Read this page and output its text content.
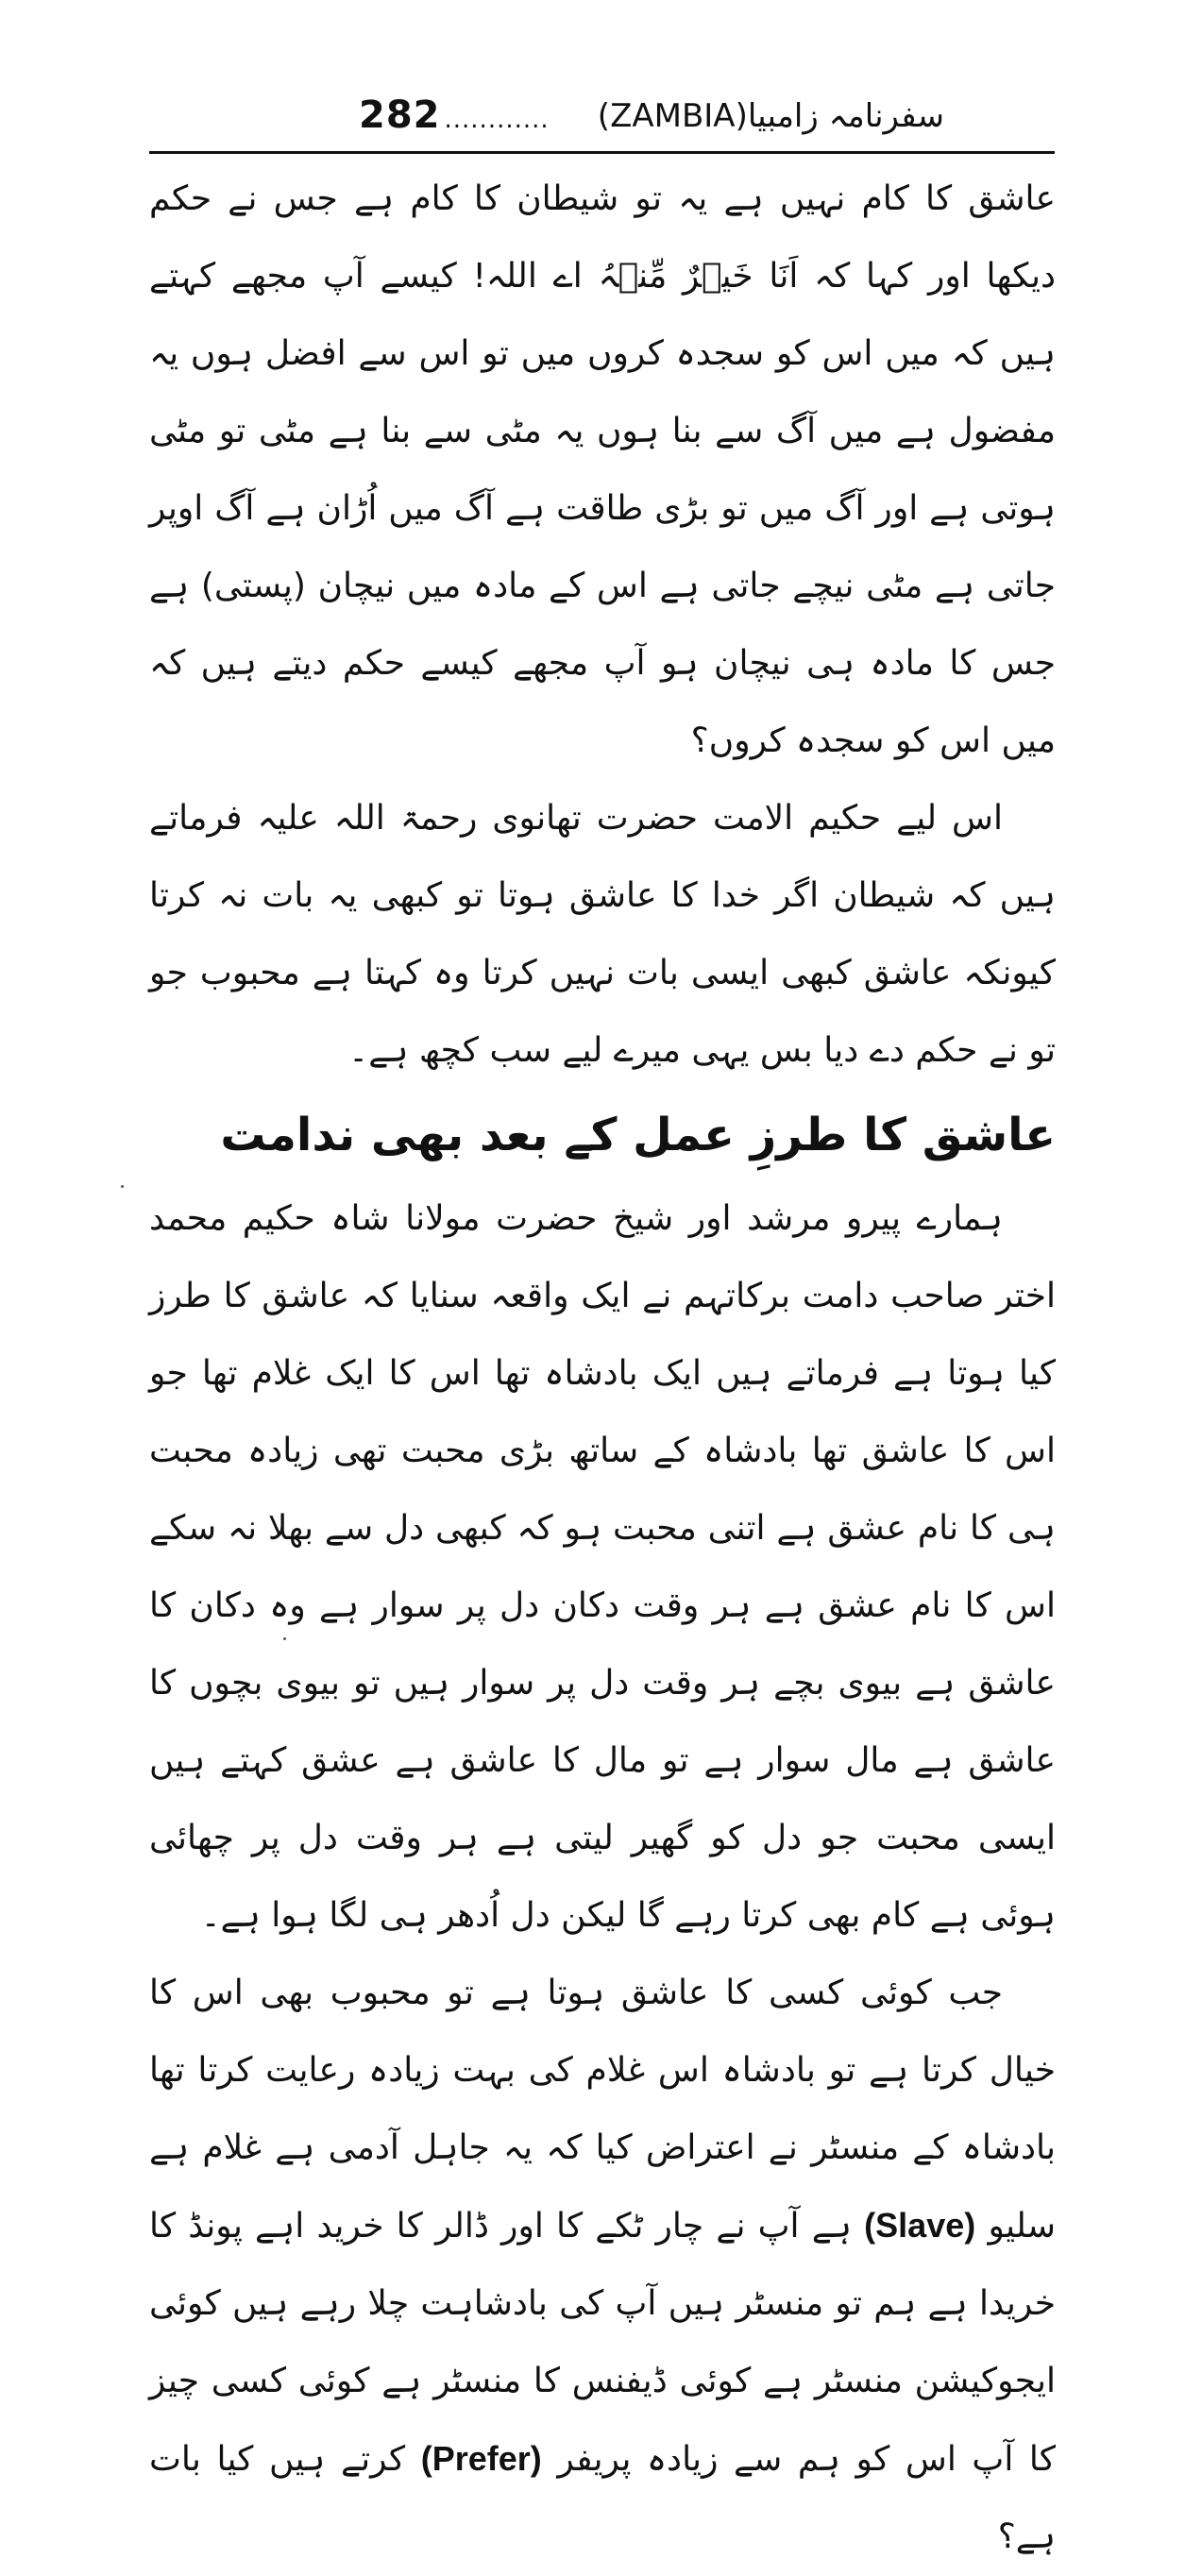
282 ............ سفرنامہ زامبیا(ZAMBIA)

عاشق کا کام نہیں ہے یہ تو شیطان کا کام ہے جس نے حکم دیکھا اور کہا کہ اَنَا خَیۡرٌ مِّنۡہُ اے اللہ! کیسے آپ مجھے کہتے ہیں کہ میں اس کو سجدہ کروں میں تو اس سے افضل ہوں یہ مفضول ہے میں آگ سے بنا ہوں یہ مٹی سے بنا ہے مٹی تو مٹی ہوتی ہے اور آگ میں تو بڑی طاقت ہے آگ میں اُڑان ہے آگ اوپر جاتی ہے مٹی نیچے جاتی ہے اس کے مادہ میں نیچان (پستی) ہے جس کا مادہ ہی نیچان ہو آپ مجھے کیسے حکم دیتے ہیں کہ میں اس کو سجدہ کروں؟

اس لیے حکیم الامت حضرت تھانوی رحمۃ اللہ علیہ فرماتے ہیں کہ شیطان اگر خدا کا عاشق ہوتا تو کبھی یہ بات نہ کرتا کیونکہ عاشق کبھی ایسی بات نہیں کرتا وہ کہتا ہے محبوب جو تو نے حکم دے دیا بس یہی میرے لیے سب کچھ ہے۔

عاشق کا طرزِ عمل کے بعد بھی ندامت

ہمارے پیرو مرشد اور شیخ حضرت مولانا شاہ حکیم محمد اختر صاحب دامت برکاتہم نے ایک واقعہ سنایا کہ عاشق کا طرز کیا ہوتا ہے فرماتے ہیں ایک بادشاہ تھا اس کا ایک غلام تھا جو اس کا عاشق تھا بادشاہ کے ساتھ بڑی محبت تھی زیادہ محبت ہی کا نام عشق ہے اتنی محبت ہو کہ کبھی دل سے بھلا نہ سکے اس کا نام عشق ہے ہر وقت دکان دل پر سوار ہے وہ دکان کا عاشق ہے بیوی بچے ہر وقت دل پر سوار ہیں تو بیوی بچوں کا عاشق ہے مال سوار ہے تو مال کا عاشق ہے عشق کہتے ہیں ایسی محبت جو دل کو گھیر لیتی ہے ہر وقت دل پر چھائی ہوئی ہے کام بھی کرتا رہے گا لیکن دل اُدھر ہی لگا ہوا ہے۔

جب کوئی کسی کا عاشق ہوتا ہے تو محبوب بھی اس کا خیال کرتا ہے تو بادشاہ اس غلام کی بہت زیادہ رعایت کرتا تھا بادشاہ کے منسٹر نے اعتراض کیا کہ یہ جاہل آدمی ہے غلام ہے سلیو (Slave) ہے آپ نے چار ٹکے کا اور ڈالر کا خرید اہے پونڈ کا خریدا ہے ہم تو منسٹر ہیں آپ کی بادشاہت چلا رہے ہیں کوئی ایجوکیشن منسٹر ہے کوئی ڈیفنس کا منسٹر ہے کوئی کسی چیز کا آپ اس کو ہم سے زیادہ پریفر (Prefer) کرتے ہیں کیا بات ہے؟
